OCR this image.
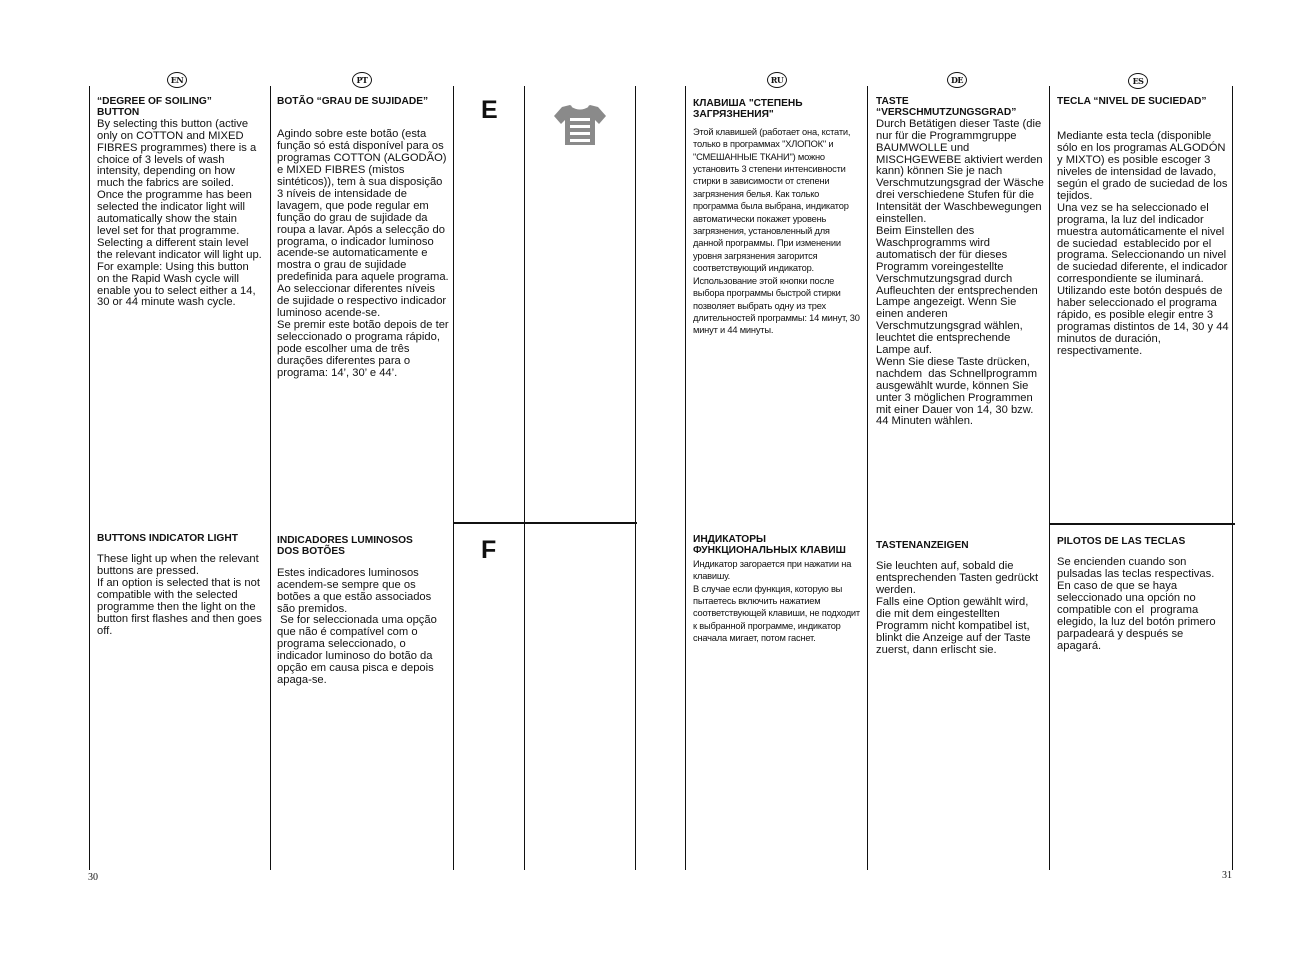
EN	PT	RU	DE	ES
E
F
“DEGREE OF SOILING” BUTTON
By selecting this button (active only on COTTON and MIXED FIBRES programmes) there is a choice of 3 levels of wash intensity, depending on how much the fabrics are soiled.
Once the programme has been selected the indicator light will automatically show the stain level set for that programme. Selecting a different stain level the relevant indicator will light up. For example: Using this button on the Rapid Wash cycle will enable you to select either a 14, 30 or 44 minute wash cycle.
BUTTONS INDICATOR LIGHT
These light up when the relevant buttons are pressed.
If an option is selected that is not compatible with the selected programme then the light on the button first flashes and then goes off.
BOTÃO “GRAU DE SUJIDADE”
Agindo sobre este botão (esta função só está disponível para os programas COTTON (ALGODÃO) e MIXED FIBRES (mistos sintéticos)), tem à sua disposição 3 níveis de intensidade de lavagem, que pode regular em função do grau de sujidade da roupa a lavar. Após a selecção do programa, o indicador luminoso acende-se automaticamente e mostra o grau de sujidade predefinida para aquele programa. Ao seleccionar diferentes níveis de sujidade o respectivo indicador luminoso acende-se.
Se premir este botão depois de ter seleccionado o programa rápido, pode escolher uma de três durações diferentes para o programa: 14’, 30’ e 44’.
INDICADORES LUMINOSOS DOS BOTÕES
Estes indicadores luminosos acendem-se sempre que os botões a que estão associados são premidos.
Se for seleccionada uma opção que não é compatível com o programa seleccionado, o indicador luminoso do botão da opção em causa pisca e depois apaga-se.
КЛАВИША "СТЕПЕНЬ ЗАГРЯЗНЕНИЯ"
Этой клавишей (работает она, кстати, только в программах "ХЛОПОК" и "СМЕШАННЫЕ ТКАНИ") можно установить 3 степени интенсивности стирки в зависимости от степени загрязнения белья. Как только программа была выбрана, индикатор автоматически покажет уровень загрязнения, установленный для данной программы. При изменении уровня загрязнения загорится соответствующий индикатор. Использование этой кнопки после выбора программы быстрой стирки позволяет выбрать одну из трех длительностей программы: 14 минут, 30 минут и 44 минуты.
ИНДИКАТОРЫ ФУНКЦИОНАЛЬНЫХ КЛАВИШ
Индикатор загорается при нажатии на клавишу.
В случае если функция, которую вы пытаетесь включить нажатием соответствующей клавиши, не подходит к выбранной программе, индикатор сначала мигает, потом гаснет.
TASTE “VERSCHMUTZUNGSGRAD”
Durch Betätigen dieser Taste (die nur für die Programmgruppe BAUMWOLLE und MISCHGEWEBE aktiviert werden kann) können Sie je nach Verschmutzungsgrad der Wäsche drei verschiedene Stufen für die Intensität der Waschbewegungen einstellen.
Beim Einstellen des Waschprogramms wird automatisch der für dieses Programm voreingestellte Verschmutzungsgrad durch Aufleuchten der entsprechenden Lampe angezeigt. Wenn Sie einen anderen Verschmutzungsgrad wählen, leuchtet die entsprechende Lampe auf.
Wenn Sie diese Taste drücken, nachdem  das Schnellprogramm ausgewählt wurde, können Sie unter 3 möglichen Programmen mit einer Dauer von 14, 30 bzw. 44 Minuten wählen.
TASTENANZEIGEN
Sie leuchten auf, sobald die entsprechenden Tasten gedrückt werden.
Falls eine Option gewählt wird, die mit dem eingestellten Programm nicht kompatibel ist, blinkt die Anzeige auf der Taste zuerst, dann erlischt sie.
TECLA “NIVEL DE SUCIEDAD”
Mediante esta tecla (disponible sólo en los programas ALGODÓN y MIXTO) es posible escoger 3 niveles de intensidad de lavado, según el grado de suciedad de los tejidos.
Una vez se ha seleccionado el programa, la luz del indicador muestra automáticamente el nivel de suciedad  establecido por el programa. Seleccionando un nivel de suciedad diferente, el indicador correspondiente se iluminará. Utilizando este botón después de haber seleccionado el programa rápido, es posible elegir entre 3 programas distintos de 14, 30 y 44 minutos de duración, respectivamente.
PILOTOS DE LAS TECLAS
Se encienden cuando son pulsadas las teclas respectivas.
En caso de que se haya seleccionado una opción no compatible con el  programa elegido, la luz del botón primero parpadeará y después se apagará.
30	31
